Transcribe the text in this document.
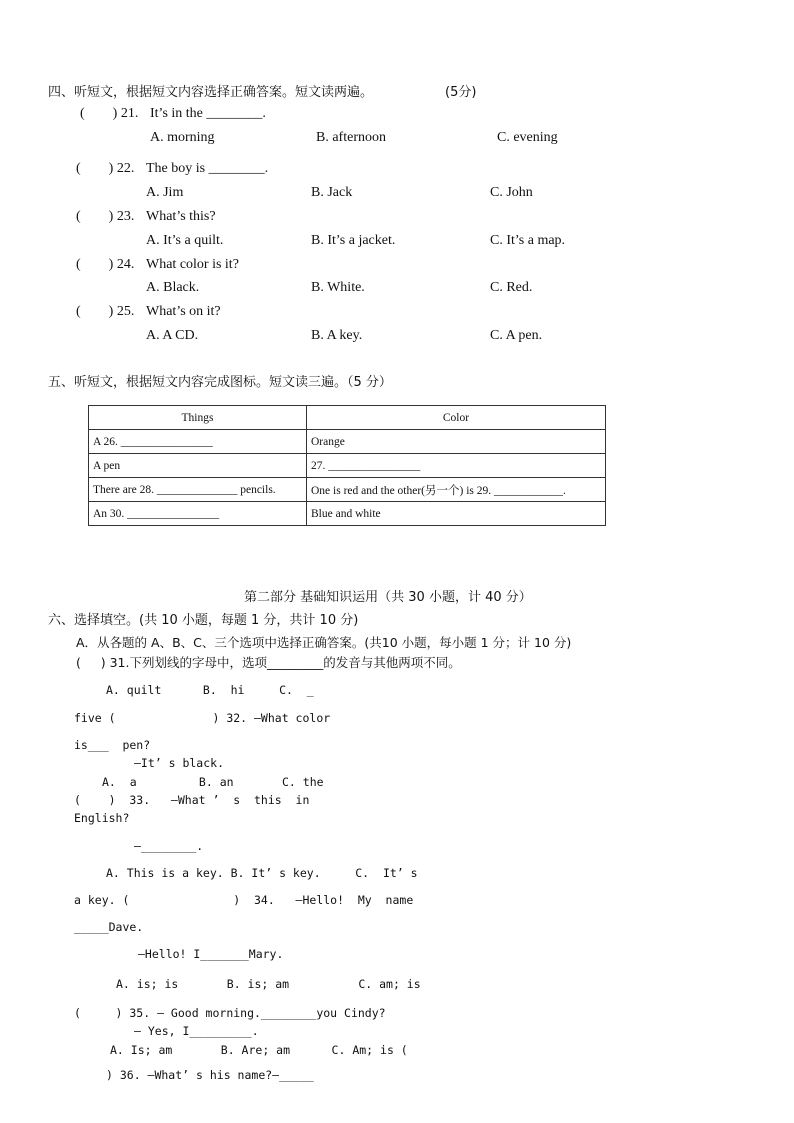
四、听短文，根据短文内容选择正确答案。短文读两遍。	(5分)
(        ) 21. It’s in the ________.
A. morning	B. afternoon	C. evening
(        ) 22. The boy is ________.
A. Jim	B. Jack	C. John
(        ) 23. What’s this?
A. It’s a quilt.	B. It’s a jacket.	C. It’s a map.
(        ) 24. What color is it?
A. Black.	B. White.	C. Red.
(        ) 25. What’s on it?
A. A CD.	B. A key.	C. A pen.
五、听短文，根据短文内容完成图标。短文读三遍。（5 分）
Things	Color
A 26. ________________	Orange
A pen	27. ________________
There are 28. ______________ pencils.	One is red and the other(另一个) is 29. ____________.
An 30. ________________	Blue and white
第二部分 基础知识运用（共 30 小题，计 40 分）
六、选择填空。(共 10 小题，每题 1 分，共计 10 分)
A．从各题的 A、B、C、三个选项中选择正确答案。(共10 小题，每小题 1 分；计 10 分)
(     ) 31.下列划线的字母中，选项_________的发音与其他两项不同。
A. quilt      B.  hi     C.  _
five (              ) 32. —What color
is___  pen?
—It’ s black.
A.  a         B. an       C. the
(    )  33.   —What ’  s  this  in
English?
—________.
A. This is a key. B. It’ s key.     C.  It’ s
a key. (               )  34.   —Hello!  My  name
_____Dave.
—Hello! I_______Mary.
A. is; is       B. is; am          C. am; is
(     ) 35. — Good morning.________you Cindy?
— Yes, I_________.
A. Is; am       B. Are; am      C. Am; is (
) 36. —What’ s his name?—_____
